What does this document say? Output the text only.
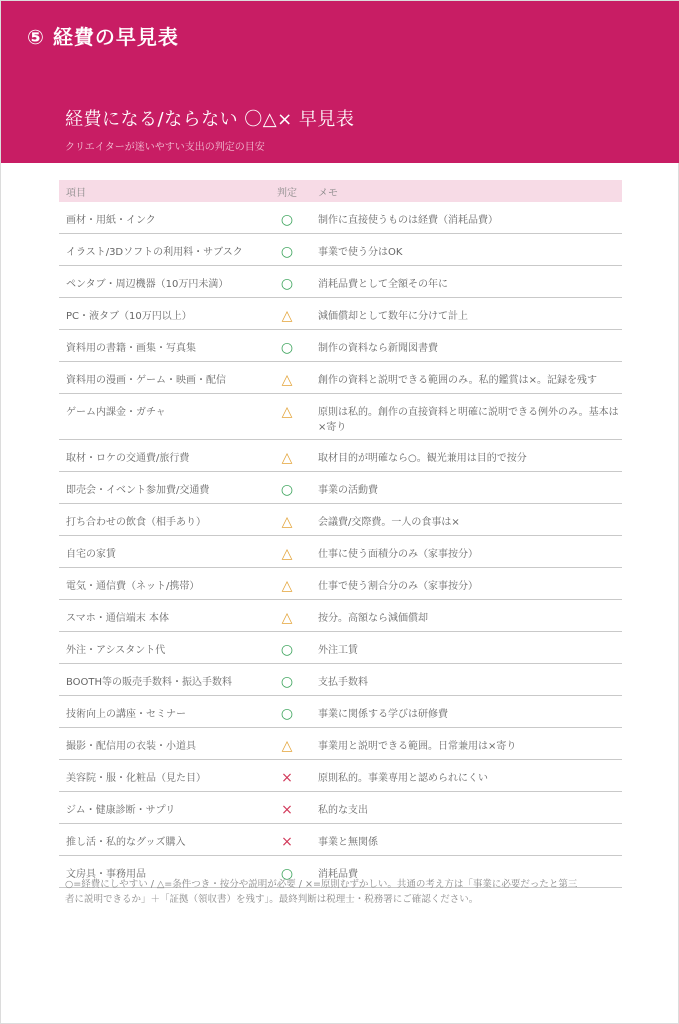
⑤ 経費の早見表
経費になる/ならない 〇△× 早見表
クリエイターが迷いやすい支出の判定の目安
項目	判定	メモ
画材・用紙・インク	○	制作に直接使うものは経費（消耗品費）
イラスト/3Dソフトの利用料・サブスク	○	事業で使う分はOK
ペンタブ・周辺機器（10万円未満）	○	消耗品費として全額その年に
PC・液タブ（10万円以上）	△	減価償却として数年に分けて計上
資料用の書籍・画集・写真集	○	制作の資料なら新聞図書費
資料用の漫画・ゲーム・映画・配信	△	創作の資料と説明できる範囲のみ。私的鑑賞は×。記録を残す
ゲーム内課金・ガチャ	△	原則は私的。創作の直接資料と明確に説明できる例外のみ。基本は×寄り
取材・ロケの交通費/旅行費	△	取材目的が明確なら○。観光兼用は目的で按分
即売会・イベント参加費/交通費	○	事業の活動費
打ち合わせの飲食（相手あり）	△	会議費/交際費。一人の食事は×
自宅の家賃	△	仕事に使う面積分のみ（家事按分）
電気・通信費（ネット/携帯）	△	仕事で使う割合分のみ（家事按分）
スマホ・通信端末 本体	△	按分。高額なら減価償却
外注・アシスタント代	○	外注工賃
BOOTH等の販売手数料・振込手数料	○	支払手数料
技術向上の講座・セミナー	○	事業に関係する学びは研修費
撮影・配信用の衣装・小道具	△	事業用と説明できる範囲。日常兼用は×寄り
美容院・服・化粧品（見た目）	×	原則私的。事業専用と認められにくい
ジム・健康診断・サプリ	×	私的な支出
推し活・私的なグッズ購入	×	事業と無関係
文房具・事務用品	○	消耗品費
○=経費にしやすい / △=条件つき・按分や説明が必要 / ×=原則むずかしい。共通の考え方は「事業に必要だったと第三者に説明できるか」＋「証拠（領収書）を残す」。最終判断は税理士・税務署にご確認ください。
